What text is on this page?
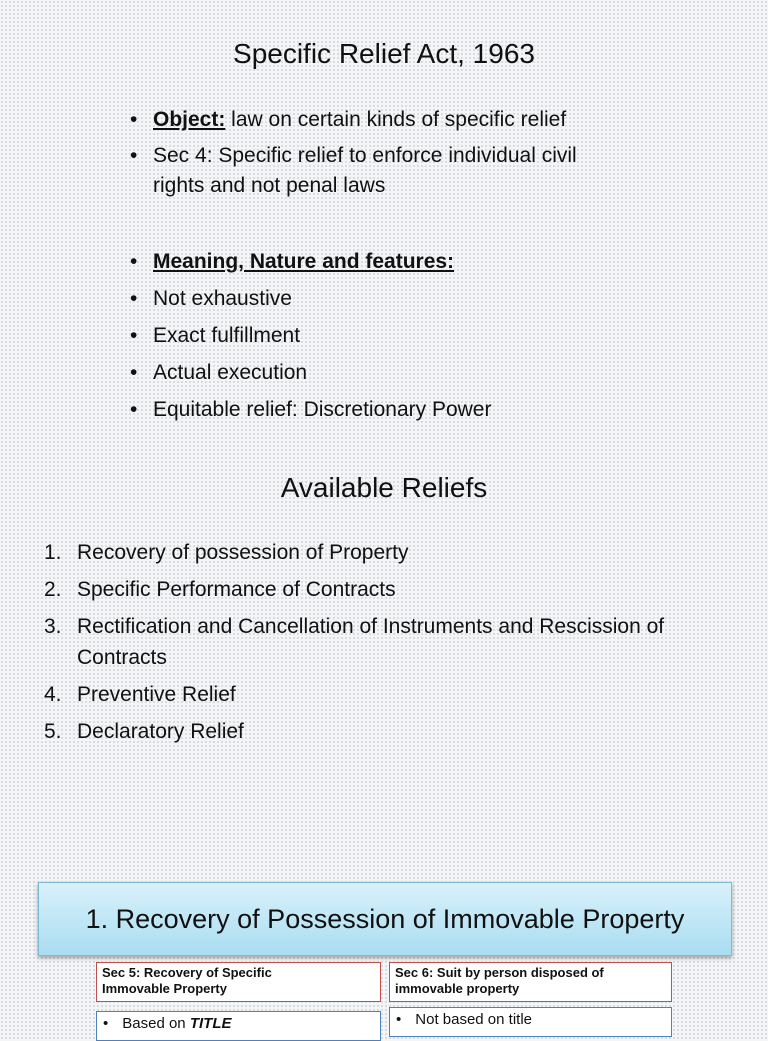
Specific Relief Act, 1963
• Object: law on certain kinds of specific relief
• Sec 4: Specific relief to enforce individual civil
rights and not penal laws
• Meaning, Nature and features:
• Not exhaustive
• Exact fulfillment
• Actual execution
• Equitable relief: Discretionary Power
Available Reliefs
1. Recovery of possession of Property
2. Specific Performance of Contracts
3. Rectification and Cancellation of Instruments and Rescission of Contracts
4. Preventive Relief
5. Declaratory Relief
1. Recovery of Possession of Immovable Property
Sec 5: Recovery of Specific
Immovable Property
Sec 6: Suit by person disposed of
immovable property
• Based on TITLE	• Not based on title
